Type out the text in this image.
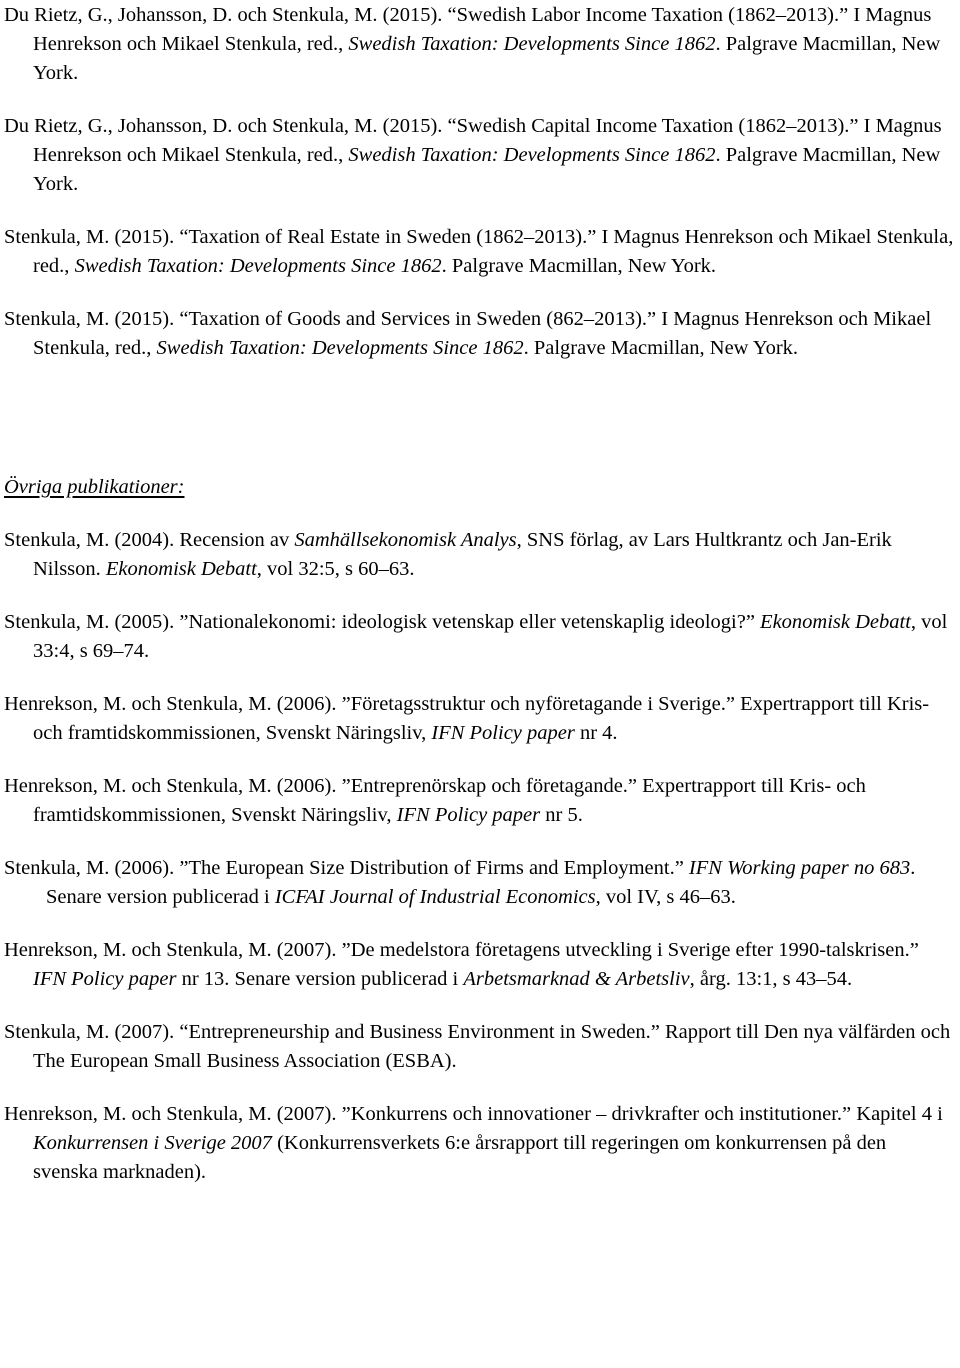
Du Rietz, G., Johansson, D. och Stenkula, M. (2015). “Swedish Labor Income Taxation (1862–2013).” I Magnus Henrekson och Mikael Stenkula, red., Swedish Taxation: Developments Since 1862. Palgrave Macmillan, New York.

Du Rietz, G., Johansson, D. och Stenkula, M. (2015). “Swedish Capital Income Taxation (1862–2013).” I Magnus Henrekson och Mikael Stenkula, red., Swedish Taxation: Developments Since 1862. Palgrave Macmillan, New York.

Stenkula, M. (2015). “Taxation of Real Estate in Sweden (1862–2013).” I Magnus Henrekson och Mikael Stenkula, red., Swedish Taxation: Developments Since 1862. Palgrave Macmillan, New York.

Stenkula, M. (2015). “Taxation of Goods and Services in Sweden (862–2013).” I Magnus Henrekson och Mikael Stenkula, red., Swedish Taxation: Developments Since 1862. Palgrave Macmillan, New York.

Övriga publikationer:

Stenkula, M. (2004). Recension av Samhällsekonomisk Analys, SNS förlag, av Lars Hultkrantz och Jan-Erik Nilsson. Ekonomisk Debatt, vol 32:5, s 60–63.

Stenkula, M. (2005). ”Nationalekonomi: ideologisk vetenskap eller vetenskaplig ideologi?” Ekonomisk Debatt, vol 33:4, s 69–74.

Henrekson, M. och Stenkula, M. (2006). ”Företagsstruktur och nyföretagande i Sverige.” Expertrapport till Kris- och framtidskommissionen, Svenskt Näringsliv, IFN Policy paper nr 4.

Henrekson, M. och Stenkula, M. (2006). ”Entreprenörskap och företagande.” Expertrapport till Kris- och framtidskommissionen, Svenskt Näringsliv, IFN Policy paper nr 5.

Stenkula, M. (2006). ”The European Size Distribution of Firms and Employment.” IFN Working paper no 683. Senare version publicerad i ICFAI Journal of Industrial Economics, vol IV, s 46–63.

Henrekson, M. och Stenkula, M. (2007). ”De medelstora företagens utveckling i Sverige efter 1990-talskrisen.” IFN Policy paper nr 13. Senare version publicerad i Arbetsmarknad & Arbetsliv, årg. 13:1, s 43–54.

Stenkula, M. (2007). “Entrepreneurship and Business Environment in Sweden.” Rapport till Den nya välfärden och The European Small Business Association (ESBA).

Henrekson, M. och Stenkula, M. (2007). ”Konkurrens och innovationer – drivkrafter och institutioner.” Kapitel 4 i Konkurrensen i Sverige 2007 (Konkurrensverkets 6:e årsrapport till regeringen om konkurrensen på den svenska marknaden).
